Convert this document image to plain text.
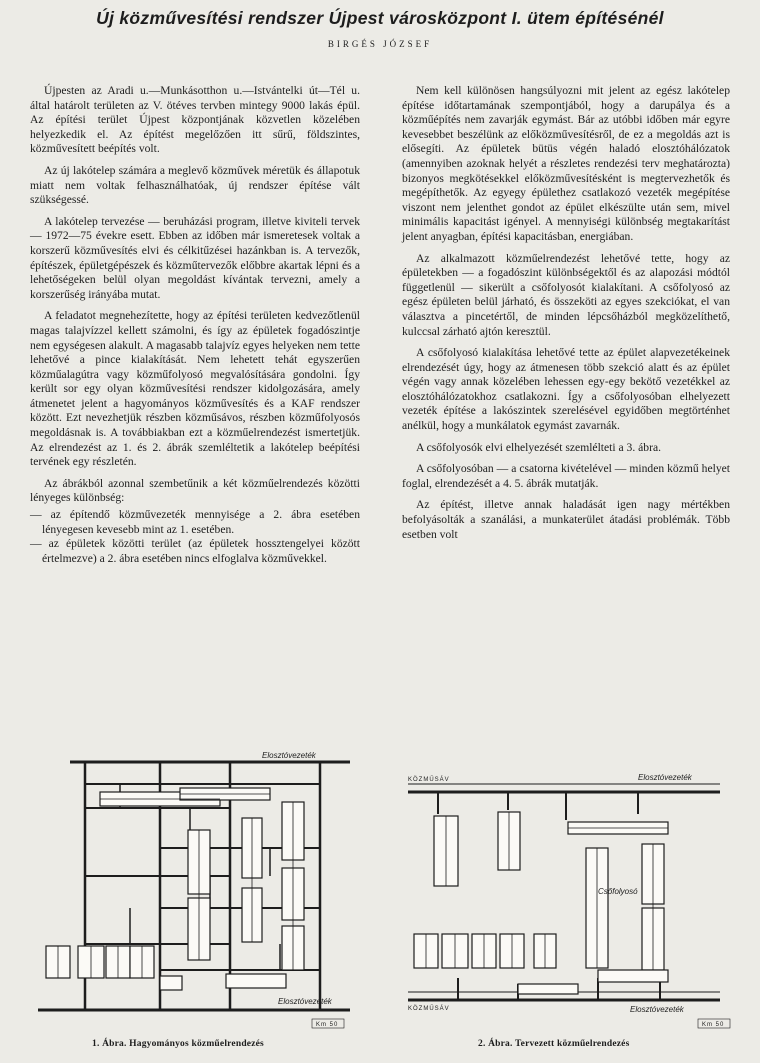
Új közművesítési rendszer Újpest városközpont I. ütem építésénél
BIRGÉS JÓZSEF

Újpesten az Aradi u.—Munkásotthon u.—Istvántelki út—Tél u. által határolt területen az V. ötéves tervben mintegy 9000 lakás épül. Az építési terület Újpest központjának közvetlen közelében helyezkedik el. Az építést megelőzően itt sűrű, földszintes, közművesített beépítés volt.

Az új lakótelep számára a meglevő közművek méretük és állapotuk miatt nem voltak felhasználhatóak, új rendszer építése vált szükségessé.

A lakótelep tervezése — beruházási program, illetve kiviteli tervek — 1972—75 évekre esett. Ebben az időben már ismeretesek voltak a korszerű közművesítés elvi és célkitűzései hazánkban is. A tervezők, építészek, épületgépészek és közműtervezők előbbre akartak lépni és a lehetőségeken belül olyan megoldást kívántak tervezni, amely a korszerűség irányába mutat.

A feladatot megnehezítette, hogy az építési területen kedvezőtlenül magas talajvízzel kellett számolni, és így az épületek fogadószintje nem egységesen alakult. A magasabb talajvíz egyes helyeken nem tette lehetővé a pince kialakítását. Nem lehetett tehát egyszerűen közműalagútra vagy közműfolyosó megvalósítására gondolni. Így került sor egy olyan közművesítési rendszer kidolgozására, amely átmenetet jelent a hagyományos közművesítés és a KAF rendszer között. Ezt nevezhetjük részben közműsávos, részben közműfolyosós megoldásnak is. A továbbiakban ezt a közműelrendezést ismertetjük. Az elrendezést az 1. és 2. ábrák szemléltetik a lakótelep beépítési tervének egy részletén.

Az ábrákból azonnal szembetűnik a két közműelrendezés közötti lényeges különbség:

— az építendő közművezeték mennyisége a 2. ábra esetében lényegesen kevesebb mint az 1. esetében.
— az épületek közötti terület (az épületek hossztengelyei között értelmezve) a 2. ábra esetében nincs elfoglalva közművekkel.

Nem kell különösen hangsúlyozni mit jelent az egész lakótelep építése időtartamának szempontjából, hogy a darupálya és a közműépítés nem zavarják egymást. Bár az utóbbi időben már egyre kevesebbet beszélünk az előközművesítésről, de ez a megoldás azt is elősegíti. Az épületek bütüs végén haladó elosztóhálózatok (amennyiben azoknak helyét a részletes rendezési terv meghatározta) bizonyos megkötésekkel előközművesítésként is megtervezhetők és megépíthetők. Az egyegy épülethez csatlakozó vezeték megépítése viszont nem jelenthet gondot az épület elkészülte után sem, mivel minimális kapacitást igényel. A mennyiségi különbség megtakarítást jelent anyagban, építési kapacitásban, energiában.

Az alkalmazott közműelrendezést lehetővé tette, hogy az épületekben — a fogadószint különbségektől és az alapozási módtól függetlenül — sikerült a csőfolyosót kialakítani. A csőfolyosó az egész épületen belül járható, és összeköti az egyes szekciókat, el van választva a pincetértől, de minden lépcsőházból megközelíthető, kulccsal zárható ajtón keresztül.

A csőfolyosó kialakítása lehetővé tette az épület alapvezetékeinek elrendezését úgy, hogy az átmenesen több szekció alatt és az épület végén vagy annak közelében lehessen egy-egy bekötő vezetékkel az elosztóhálózatokhoz csatlakozni. Így a csőfolyosóban elhelyezett vezeték építése a lakószintek szerelésével egyidőben megtörténhet anélkül, hogy a munkálatok egymást zavarnák.

A csőfolyosók elvi elhelyezését szemlélteti a 3. ábra.

A csőfolyosóban — a csatorna kivételével — minden közmű helyet foglal, elrendezését a 4. 5. ábrák mutatják.

Az építést, illetve annak haladását igen nagy mértékben befolyásolták a szanálási, a munkaterület átadási problémák. Több esetben volt

Elosztóvezeték
Elosztóvezeték
Km 50
1. Ábra. Hagyományos közműelrendezés
KÖZMŰSÁV	Elosztóvezeték
Csőfolyosó
KÖZMŰSÁV	Elosztóvezeték
Km 50
2. Ábra. Tervezett közműelrendezés
